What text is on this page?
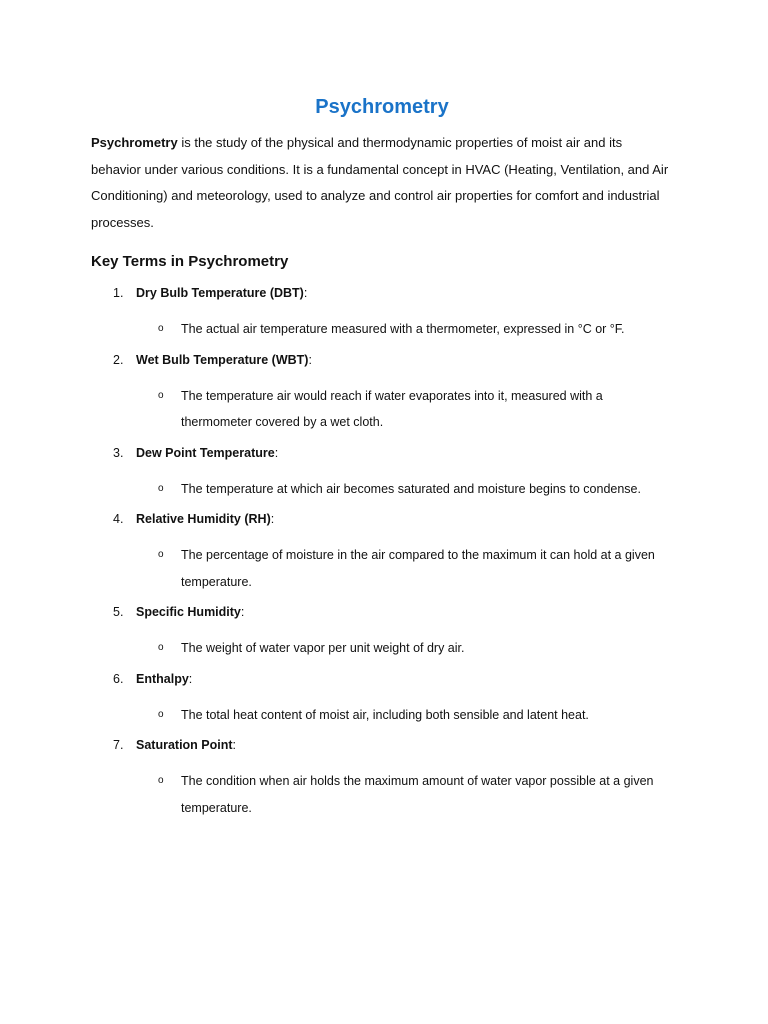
Psychrometry

Psychrometry is the study of the physical and thermodynamic properties of moist air and its behavior under various conditions. It is a fundamental concept in HVAC (Heating, Ventilation, and Air Conditioning) and meteorology, used to analyze and control air properties for comfort and industrial processes.

Key Terms in Psychrometry
1. Dry Bulb Temperature (DBT):
o The actual air temperature measured with a thermometer, expressed in °C or °F.
2. Wet Bulb Temperature (WBT):
o The temperature air would reach if water evaporates into it, measured with a thermometer covered by a wet cloth.
3. Dew Point Temperature:
o The temperature at which air becomes saturated and moisture begins to condense.
4. Relative Humidity (RH):
o The percentage of moisture in the air compared to the maximum it can hold at a given temperature.
5. Specific Humidity:
o The weight of water vapor per unit weight of dry air.
6. Enthalpy:
o The total heat content of moist air, including both sensible and latent heat.
7. Saturation Point:
o The condition when air holds the maximum amount of water vapor possible at a given temperature.
